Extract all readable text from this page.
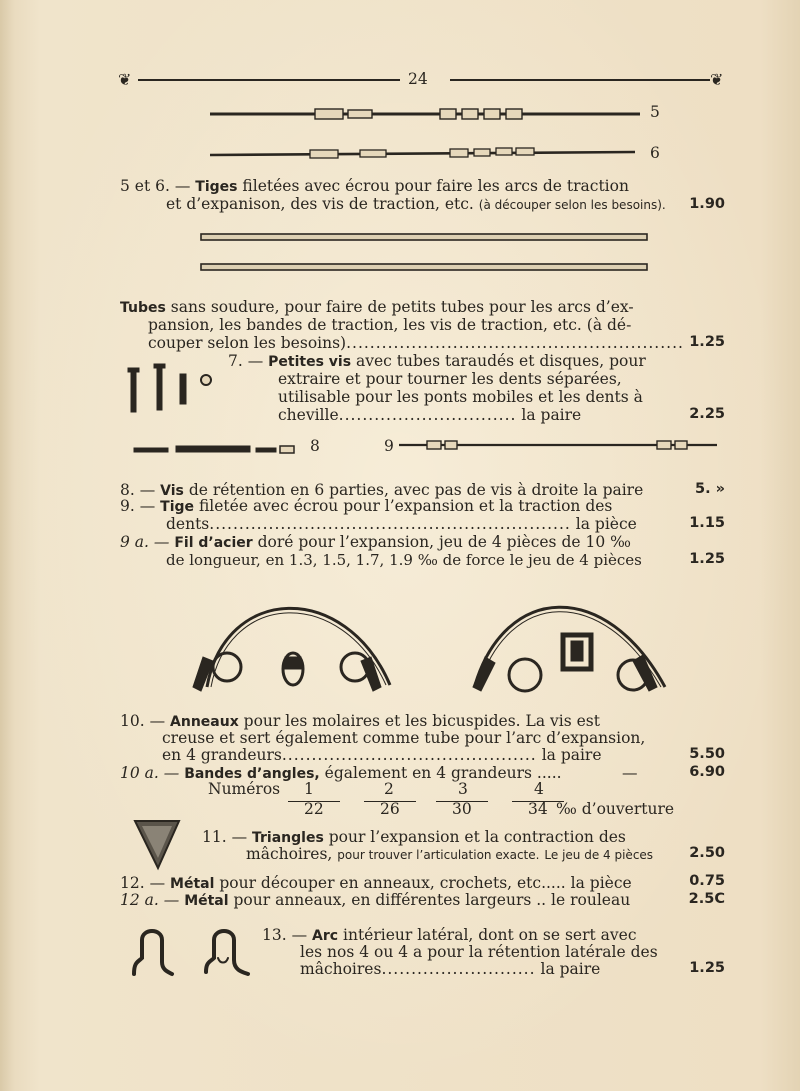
❦	24	❦
5
6
5 et 6. — Tiges filetées avec écrou pour faire les arcs de traction
et d’expanison, des vis de traction, etc. (à découper selon les besoins).	1.90
Tubes sans soudure, pour faire de petits tubes pour les arcs d’ex-
pansion, les bandes de traction, les vis de traction, etc. (à dé-
couper selon les besoins)......................................................... 1.25
7. — Petites vis avec tubes taraudés et disques, pour
extraire et pour tourner les dents séparées,
utilisable pour les ponts mobiles et les dents à
cheville.............................. la paire	2.25
8	9
8. — Vis de rétention en 6 parties, avec pas de vis à droite la paire	5. »
9. — Tige filetée avec écrou pour l’expansion et la traction des
dents............................................................. la pièce	1.15
9 a. — Fil d’acier doré pour l’expansion, jeu de 4 pièces de 10 ‰
de longueur, en 1.3, 1.5, 1.7, 1.9 ‰ de force le jeu de 4 pièces	1.25
10. — Anneaux pour les molaires et les bicuspides. La vis est
creuse et sert également comme tube pour l’arc d’expansion,
en 4 grandeurs........................................... la paire	5.50
10 a. — Bandes d’angles, également en 4 grandeurs .....	—	6.90
Numéros 1	2	3	4
22	26	30	34 ‰ d’ouverture
11. — Triangles pour l’expansion et la contraction des
mâchoires, pour trouver l’articulation exacte. Le jeu de 4 pièces	2.50
12. — Métal pour découper en anneaux, crochets, etc..... la pièce	0.75
12 a. — Métal pour anneaux, en différentes largeurs .. le rouleau	2.5C
13. — Arc intérieur latéral, dont on se sert avec
les nos 4 ou 4 a pour la rétention latérale des
mâchoires.......................... la paire	1.25
